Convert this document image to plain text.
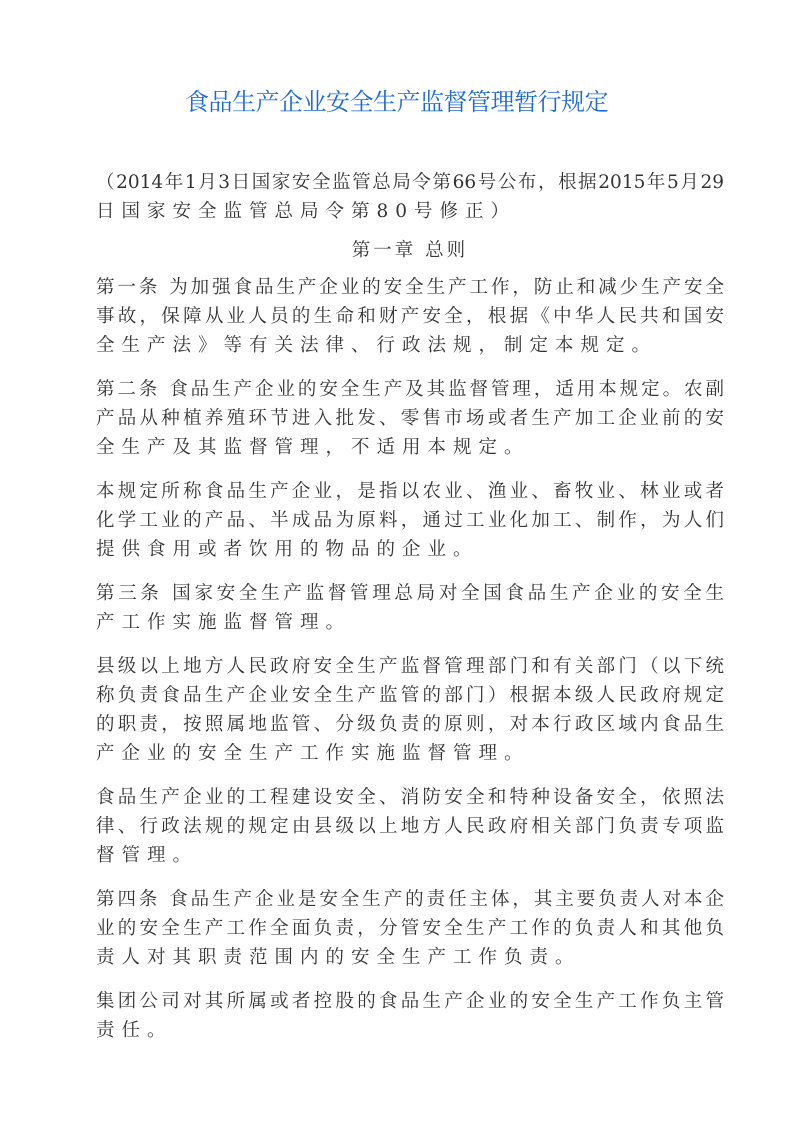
食品生产企业安全生产监督管理暂行规定
（2014年1月3日国家安全监管总局令第66号公布，根据2015年5月29
日国家安全监管总局令第80号修正）
第一章 总则
第一条 为加强食品生产企业的安全生产工作，防止和减少生产安全
事故，保障从业人员的生命和财产安全，根据《中华人民共和国安
全生产法》等有关法律、行政法规，制定本规定。
第二条 食品生产企业的安全生产及其监督管理，适用本规定。农副
产品从种植养殖环节进入批发、零售市场或者生产加工企业前的安
全生产及其监督管理，不适用本规定。
本规定所称食品生产企业，是指以农业、渔业、畜牧业、林业或者
化学工业的产品、半成品为原料，通过工业化加工、制作，为人们
提供食用或者饮用的物品的企业。
第三条 国家安全生产监督管理总局对全国食品生产企业的安全生
产工作实施监督管理。
县级以上地方人民政府安全生产监督管理部门和有关部门（以下统
称负责食品生产企业安全生产监管的部门）根据本级人民政府规定
的职责，按照属地监管、分级负责的原则，对本行政区域内食品生
产企业的安全生产工作实施监督管理。
食品生产企业的工程建设安全、消防安全和特种设备安全，依照法
律、行政法规的规定由县级以上地方人民政府相关部门负责专项监
督管理。
第四条 食品生产企业是安全生产的责任主体，其主要负责人对本企
业的安全生产工作全面负责，分管安全生产工作的负责人和其他负
责人对其职责范围内的安全生产工作负责。
集团公司对其所属或者控股的食品生产企业的安全生产工作负主管
责任。
